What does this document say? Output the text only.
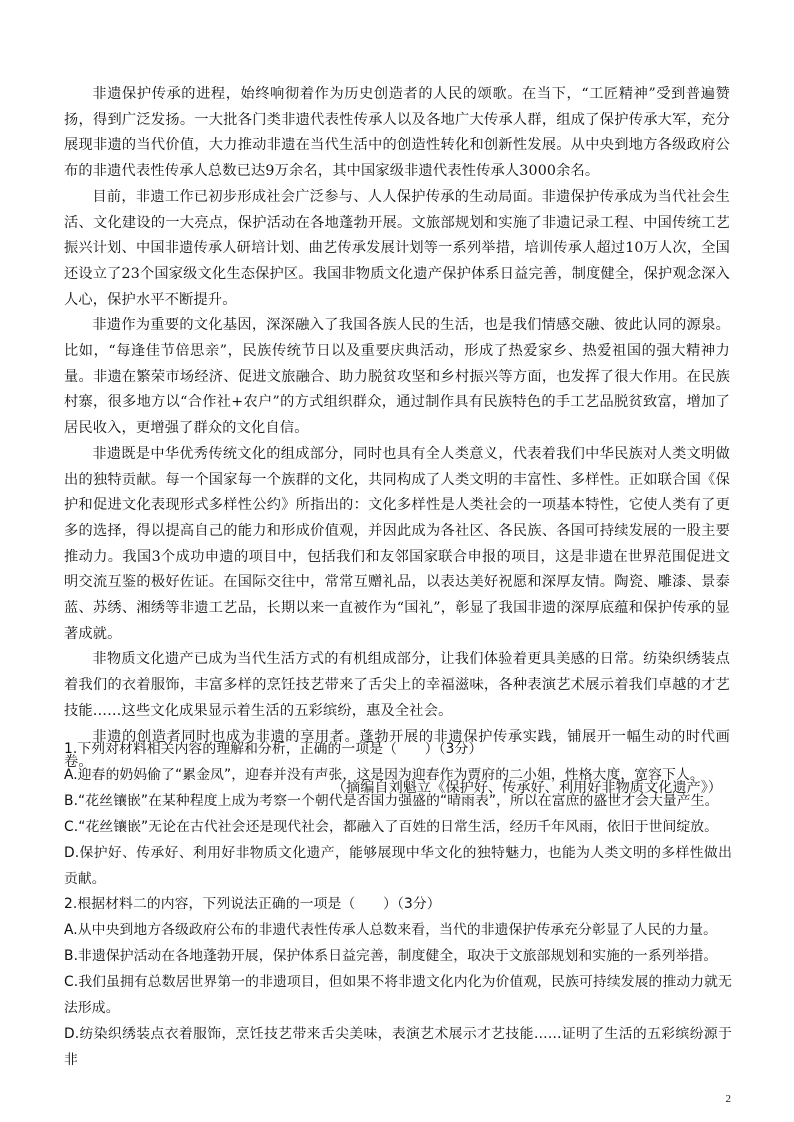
非遗保护传承的进程，始终响彻着作为历史创造者的人民的颂歌。在当下，“工匠精神”受到普遍赞扬，得到广泛发扬。一大批各门类非遗代表性传承人以及各地广大传承人群，组成了保护传承大军，充分展现非遗的当代价值，大力推动非遗在当代生活中的创造性转化和创新性发展。从中央到地方各级政府公布的非遗代表性传承人总数已达9万余名，其中国家级非遗代表性传承人3000余名。

目前，非遗工作已初步形成社会广泛参与、人人保护传承的生动局面。非遗保护传承成为当代社会生活、文化建设的一大亮点，保护活动在各地蓬勃开展。文旅部规划和实施了非遗记录工程、中国传统工艺振兴计划、中国非遗传承人研培计划、曲艺传承发展计划等一系列举措，培训传承人超过10万人次，全国还设立了23个国家级文化生态保护区。我国非物质文化遗产保护体系日益完善，制度健全，保护观念深入人心，保护水平不断提升。

非遗作为重要的文化基因，深深融入了我国各族人民的生活，也是我们情感交融、彼此认同的源泉。比如，“每逢佳节倍思亲”，民族传统节日以及重要庆典活动，形成了热爱家乡、热爱祖国的强大精神力量。非遗在繁荣市场经济、促进文旅融合、助力脱贫攻坚和乡村振兴等方面，也发挥了很大作用。在民族村寨，很多地方以“合作社+农户”的方式组织群众，通过制作具有民族特色的手工艺品脱贫致富，增加了居民收入，更增强了群众的文化自信。

非遗既是中华优秀传统文化的组成部分，同时也具有全人类意义，代表着我们中华民族对人类文明做出的独特贡献。每一个国家每一个族群的文化，共同构成了人类文明的丰富性、多样性。正如联合国《保护和促进文化表现形式多样性公约》所指出的：文化多样性是人类社会的一项基本特性，它使人类有了更多的选择，得以提高自己的能力和形成价值观，并因此成为各社区、各民族、各国可持续发展的一股主要推动力。我国3个成功申遗的项目中，包括我们和友邻国家联合申报的项目，这是非遗在世界范围促进文明交流互鉴的极好佐证。在国际交往中，常常互赠礼品，以表达美好祝愿和深厚友情。陶瓷、雕漆、景泰蓝、苏绣、湘绣等非遗工艺品，长期以来一直被作为“国礼”，彰显了我国非遗的深厚底蕴和保护传承的显著成就。

非物质文化遗产已成为当代生活方式的有机组成部分，让我们体验着更具美感的日常。纺染织绣装点着我们的衣着服饰，丰富多样的烹饪技艺带来了舌尖上的幸福滋味，各种表演艺术展示着我们卓越的才艺技能……这些文化成果显示着生活的五彩缤纷，惠及全社会。

非遗的创造者同时也成为非遗的享用者。蓬勃开展的非遗保护传承实践，铺展开一幅生动的时代画卷。

（摘编自刘魁立《保护好、传承好、利用好非物质文化遗产》）

1.下列对材料相关内容的理解和分析，正确的一项是（　　）（3分）

A.迎春的奶妈偷了“累金凤”，迎春并没有声张，这是因为迎春作为贾府的二小姐，性格大度，宽容下人。

B.“花丝镶嵌”在某种程度上成为考察一个朝代是否国力强盛的“晴雨表”，所以在富庶的盛世才会大量产生。

C.“花丝镶嵌”无论在古代社会还是现代社会，都融入了百姓的日常生活，经历千年风雨，依旧于世间绽放。

D.保护好、传承好、利用好非物质文化遗产，能够展现中华文化的独特魅力，也能为人类文明的多样性做出贡献。

2.根据材料二的内容，下列说法正确的一项是（　　）（3分）

A.从中央到地方各级政府公布的非遗代表性传承人总数来看，当代的非遗保护传承充分彰显了人民的力量。

B.非遗保护活动在各地蓬勃开展，保护体系日益完善，制度健全，取决于文旅部规划和实施的一系列举措。

C.我们虽拥有总数居世界第一的非遗项目，但如果不将非遗文化内化为价值观，民族可持续发展的推动力就无法形成。

D.纺染织绣装点衣着服饰，烹饪技艺带来舌尖美味，表演艺术展示才艺技能……证明了生活的五彩缤纷源于非

2
